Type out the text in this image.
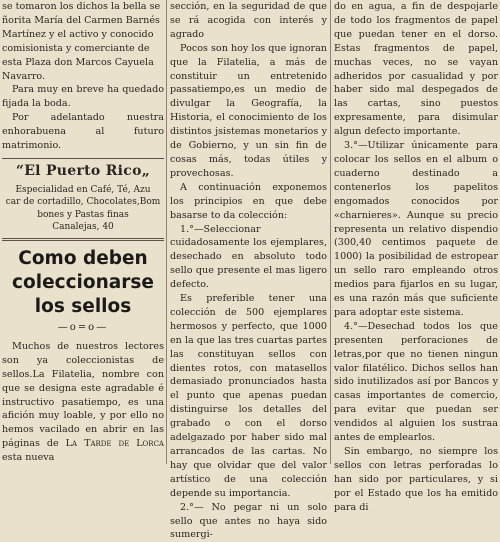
se tomaron los dichos la bella se

ñorita María del Carmen Barnés

Martínez y el activo y conocido

comisionista y comerciante de

esta Plaza don Marcos Cayuela

Navarro.

Para muy en breve ha quedado fijada la boda.

Por adelantado nuestra enhorabuena al futuro matrimonio.

“El Puerto Rico„
Especialidad en Café, Té, Azu
car de cortadillo, Chocolates,Bom
bones y Pastas finas
Canalejas, 40
Como deben
coleccionarse
los sellos
—o=o—

Muchos de nuestros lectores son ya coleccionistas de sellos.La Filatelia, nombre con que se designa este agradable é instructivo pasatiempo, es una afición muy loable, y por ello no hemos vacilado en abrir en las páginas de La Tarde de Lorca esta nueva

sección, en la seguridad de que se rá acogida con interés y agrado

Pocos son hoy los que ignoran que la Filatelia, a más de constituir un entretenido passatiempo,es un medio de divulgar la Geografía, la Historia, el conocimiento de los distintos jsistemas monetarios y de Gobierno, y un sin fin de cosas más, todas útiles y provechosas.

A continuación exponemos los principios en que debe basarse to da colección:

1.°—Seleccionar cuidadosamente los ejemplares, desechado en absoluto todo sello que presente el mas ligero defecto.

Es preferible tener una colección de 500 ejemplares hermosos y perfecto, que 1000 en la que las tres cuartas partes las constituyan sellos con dientes rotos, con matasellos demasiado pronunciados hasta el punto que apenas puedan distinguirse los detalles del grabado o con el dorso adelgazado por haber sido mal arrancados de las cartas. No hay que olvidar que del valor artístico de una colección depende su importancia.

2.°— No pegar ni un solo sello que antes no haya sido sumergi-

do en agua, a fin de despojarle de todo los fragmentos de papel que puedan tener en el dorso. Estas fragmentos de papel, muchas veces, no se vayan adheridos por casualidad y por haber sido mal despegados de las cartas, sino puestos expresamente, para disimular algun defecto importante.

3.°—Utilizar únicamente para colocar los sellos en el album o cuaderno destinado a contenerlos los papelitos engomados conocidos por «charnieres». Aunque su precio representa un relativo dispendio (300,40 centimos paquete de 1000) la posibilidad de estropear un sello raro empleando otros medios para fijarlos en su lugar, es una razón más que suficiente para adoptar este sistema.

4.°—Desechad todos los que presenten perforaciones de letras,por que no tienen ningun valor filatélico. Dichos sellos han sido inutilizados así por Bancos y casas importantes de comercio, para evitar que puedan ser vendidos al alguien los sustraa antes de emplearlos.

Sin embargo, no siempre los sellos con letras perforadas lo han sido por particulares, y si por el Estado que los ha emitido para di
